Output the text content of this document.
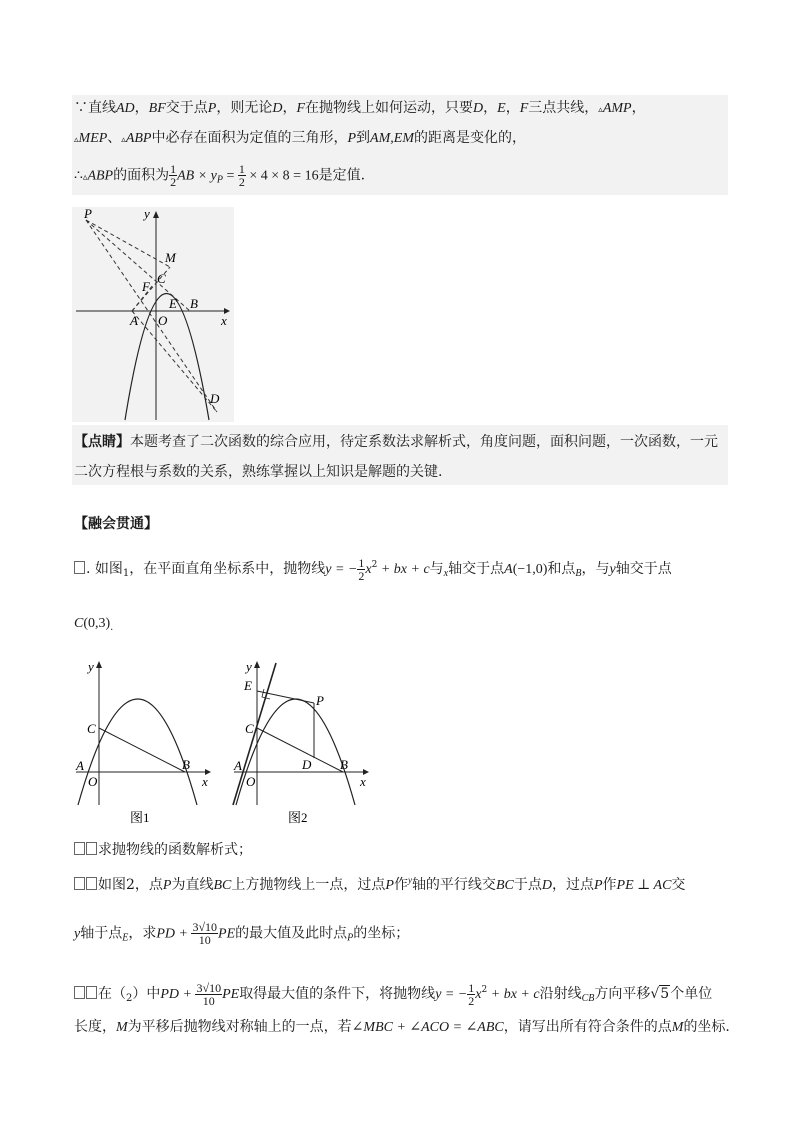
∵直线AD，BF交于点P，则无论D，F在抛物线上如何运动，只要D，E，F三点共线，▵AMP，
▵MEP、▵ABP中必存在面积为定值的三角形，P到AM,EM的距离是变化的，
∴▵ABP的面积为 $\frac{1}{2}$ AB × $y_P = \frac{1}{2} \times 4 \times 8 = 16$是定值.
P	y
M
C
F
E B
A O	x
D
【点睛】本题考查了二次函数的综合应用，待定系数法求解析式，角度问题，面积问题，一次函数，一元
二次方程根与系数的关系，熟练掌握以上知识是解题的关键.
【融会贯通】
. 如图$_1$，在平面直角坐标系中，抛物线y = − $\frac{1}{2} x^2$ + bx + c与$_x$轴交于点A(−1,0)和点$_B$，与y轴交于点
$C(0,3)_.$
y
C
A
O
B
x
图1
y
E
P
C
A
O
D B
x
图2
求抛物线的函数解析式；
如图2，点P为直线BC上方抛物线上一点，过点P作$^y$轴的平行线交BC于点D，过点P作PE ⊥ AC交
y轴于点$_E$，求PD + $\frac{3√10}{10}$ PE的最大值及此时点$_P$的坐标；
在$(_2)$中PD + $\frac{3√10}{10}$ PE取得最大值的条件下，将抛物线y = − $\frac{1}{2} x^2$ + bx + c沿射线$_{CB}$方向平移√5个单位
长度，M为平移后抛物线对称轴上的一点，若∠MBC + ∠ACO = ∠ABC，请写出所有符合条件的点M的坐标.
